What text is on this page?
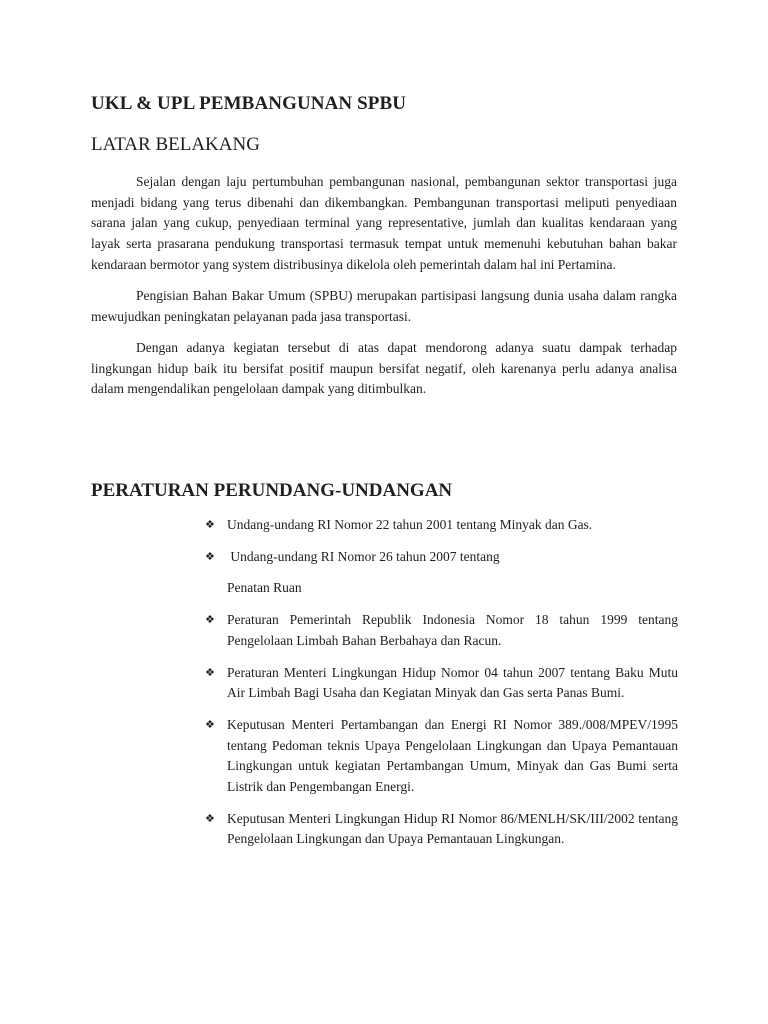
UKL & UPL PEMBANGUNAN SPBU
LATAR BELAKANG

Sejalan dengan laju pertumbuhan pembangunan nasional, pembangunan sektor transportasi juga menjadi bidang yang terus dibenahi dan dikembangkan. Pembangunan transportasi meliputi penyediaan sarana jalan yang cukup, penyediaan terminal yang representative, jumlah dan kualitas kendaraan yang layak serta prasarana pendukung transportasi termasuk tempat untuk memenuhi kebutuhan bahan bakar kendaraan bermotor yang system distribusinya dikelola oleh pemerintah dalam hal ini Pertamina.

Pengisian Bahan Bakar Umum (SPBU) merupakan partisipasi langsung dunia usaha dalam rangka mewujudkan peningkatan pelayanan pada jasa transportasi.

Dengan adanya kegiatan tersebut di atas dapat mendorong adanya suatu dampak terhadap lingkungan hidup baik itu bersifat positif maupun bersifat negatif, oleh karenanya perlu adanya analisa dalam mengendalikan pengelolaan dampak yang ditimbulkan.

PERATURAN PERUNDANG-UNDANGAN
❖ Undang-undang RI Nomor 22 tahun 2001 tentang Minyak dan Gas.
❖ Undang-undang RI Nomor 26 tahun 2007 tentang
Penatan Ruan
❖ Peraturan Pemerintah Republik Indonesia Nomor 18 tahun 1999 tentang Pengelolaan Limbah Bahan Berbahaya dan Racun.
❖ Peraturan Menteri Lingkungan Hidup Nomor 04 tahun 2007 tentang Baku Mutu Air Limbah Bagi Usaha dan Kegiatan Minyak dan Gas serta Panas Bumi.
❖ Keputusan Menteri Pertambangan dan Energi RI Nomor 389./008/MPEV/1995 tentang Pedoman teknis Upaya Pengelolaan Lingkungan dan Upaya Pemantauan Lingkungan untuk kegiatan Pertambangan Umum, Minyak dan Gas Bumi serta Listrik dan Pengembangan Energi.
❖ Keputusan Menteri Lingkungan Hidup RI Nomor 86/MENLH/SK/III/2002 tentang Pengelolaan Lingkungan dan Upaya Pemantauan Lingkungan.
